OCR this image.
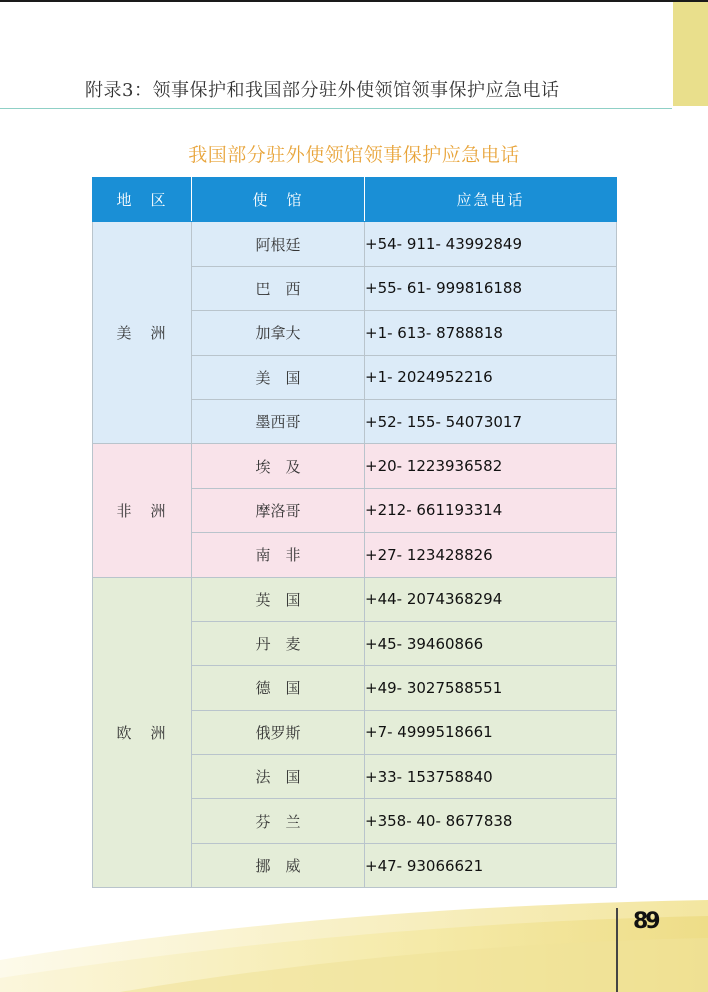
附录3：领事保护和我国部分驻外使领馆领事保护应急电话
我国部分驻外使领馆领事保护应急电话
地　区	使　馆	应急电话
美　洲	阿根廷	+54- 911- 43992849
	巴　西	+55- 61- 999816188
	加拿大	+1- 613- 8788818
	美　国	+1- 2024952216
	墨西哥	+52- 155- 54073017
非　洲	埃　及	+20- 1223936582
	摩洛哥	+212- 661193314
	南　非	+27- 123428826
欧　洲	英　国	+44- 2074368294
	丹　麦	+45- 39460866
	德　国	+49- 3027588551
	俄罗斯	+7- 4999518661
	法　国	+33- 153758840
	芬　兰	+358- 40- 8677838
	挪　威	+47- 93066621
89
